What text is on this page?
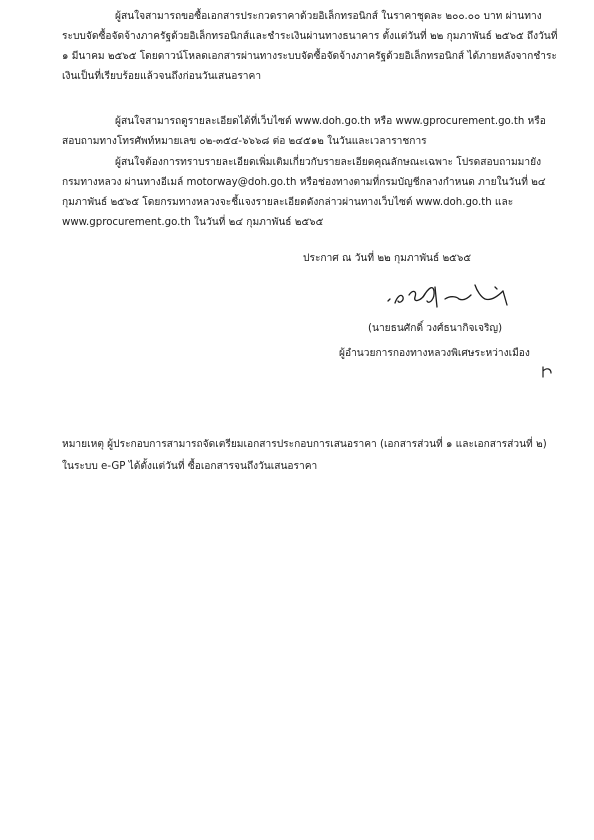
ผู้สนใจสามารถขอซื้อเอกสารประกวดราคาด้วยอิเล็กทรอนิกส์ ในราคาชุดละ ๒๐๐.๐๐ บาท ผ่านทาง
ระบบจัดซื้อจัดจ้างภาครัฐด้วยอิเล็กทรอนิกส์และชำระเงินผ่านทางธนาคาร ตั้งแต่วันที่ ๒๒ กุมภาพันธ์ ๒๕๖๕ ถึงวันที่
๑ มีนาคม ๒๕๖๕ โดยดาวน์โหลดเอกสารผ่านทางระบบจัดซื้อจัดจ้างภาครัฐด้วยอิเล็กทรอนิกส์ ได้ภายหลังจากชำระ
เงินเป็นที่เรียบร้อยแล้วจนถึงก่อนวันเสนอราคา
ผู้สนใจสามารถดูรายละเอียดได้ที่เว็บไซต์ www.doh.go.th หรือ www.gprocurement.go.th หรือ
สอบถามทางโทรศัพท์หมายเลข ๐๒-๓๕๔-๖๖๖๘ ต่อ ๒๔๕๑๒ ในวันและเวลาราชการ
ผู้สนใจต้องการทราบรายละเอียดเพิ่มเติมเกี่ยวกับรายละเอียดคุณลักษณะเฉพาะ โปรดสอบถามมายัง
กรมทางหลวง ผ่านทางอีเมล์ motorway@doh.go.th หรือช่องทางตามที่กรมบัญชีกลางกำหนด ภายในวันที่ ๒๔
กุมภาพันธ์ ๒๕๖๕ โดยกรมทางหลวงจะชี้แจงรายละเอียดดังกล่าวผ่านทางเว็บไซต์ www.doh.go.th และ
www.gprocurement.go.th ในวันที่ ๒๔ กุมภาพันธ์ ๒๕๖๕
ประกาศ ณ วันที่ ๒๒ กุมภาพันธ์ ๒๕๖๕
(นายธนศักดิ์ วงศ์ธนากิจเจริญ)
ผู้อำนวยการกองทางหลวงพิเศษระหว่างเมือง
หมายเหตุ ผู้ประกอบการสามารถจัดเตรียมเอกสารประกอบการเสนอราคา (เอกสารส่วนที่ ๑ และเอกสารส่วนที่ ๒)
ในระบบ e-GP ได้ตั้งแต่วันที่ ซื้อเอกสารจนถึงวันเสนอราคา
